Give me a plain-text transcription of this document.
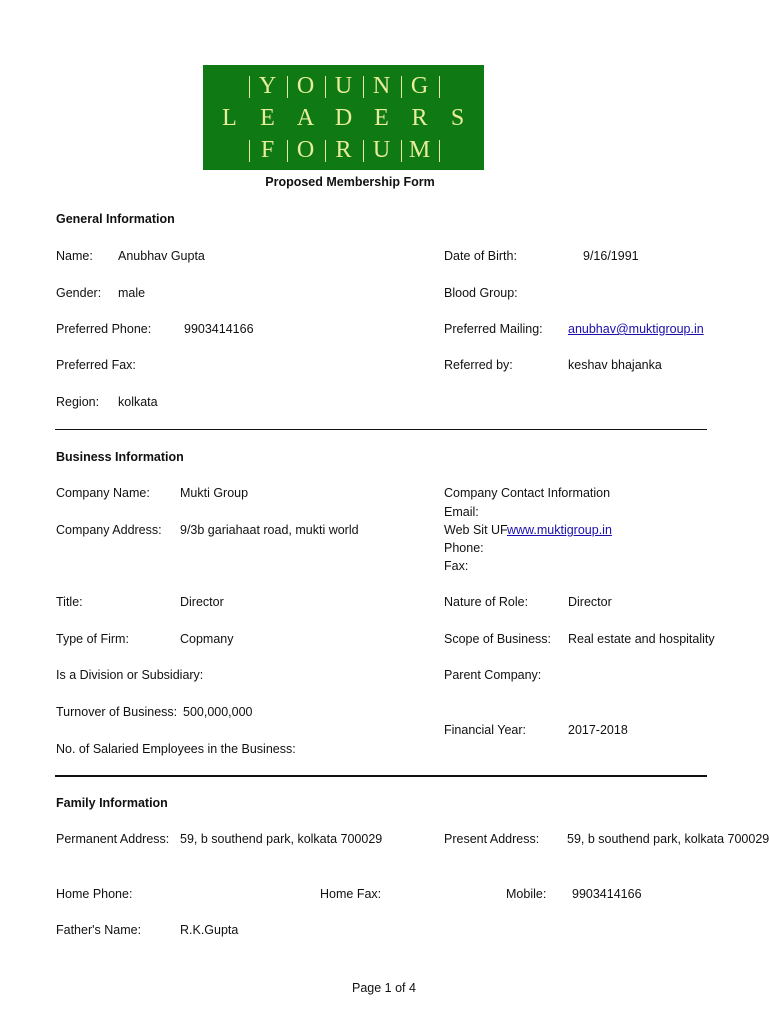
Y O U N G
L E A D E R S
F O R U M
Proposed Membership Form
General Information
Name: Anubhav Gupta	Date of Birth:	9/16/1991
Gender: male	Blood Group:
Preferred Phone:	9903414166	Preferred Mailing: anubhav@muktigroup.in
Preferred Fax:	Referred by:	keshav bhajanka
Region: kolkata
Business Information
Company Name: Mukti Group	Company Contact Information
Email:
Company Address: 9/3b gariahaat road, mukti world	Web Sit UF www.muktigroup.in
Phone:
Fax:
Title:	Director	Nature of Role:	Director
Type of Firm:	Copmany	Scope of Business: Real estate and hospitality
Is a Division or Subsidiary:	Parent Company:
Turnover of Business: 500,000,000
Financial Year:	2017-2018
No. of Salaried Employees in the Business:
Family Information
Permanent Address: 59, b southend park, kolkata 700029	Present Address: 59, b southend park, kolkata 700029
Home Phone:	Home Fax:	Mobile: 9903414166
Father's Name:	R.K.Gupta
Page 1 of 4
